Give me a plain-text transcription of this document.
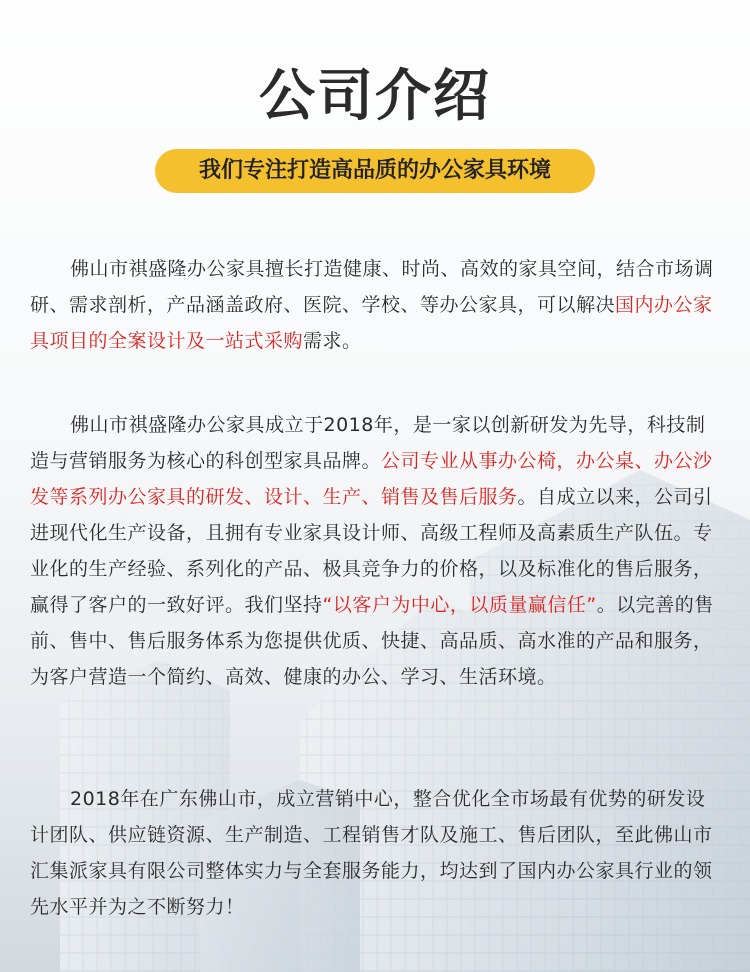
公司介绍
我们专注打造高品质的办公家具环境

佛山市祺盛隆办公家具擅长打造健康、时尚、高效的家具空间，结合市场调研、需求剖析，产品涵盖政府、医院、学校、等办公家具，可以解决国内办公家具项目的全案设计及一站式采购需求。

佛山市祺盛隆办公家具成立于2018年，是一家以创新研发为先导，科技制造与营销服务为核心的科创型家具品牌。公司专业从事办公椅，办公桌、办公沙发等系列办公家具的研发、设计、生产、销售及售后服务。自成立以来，公司引进现代化生产设备，且拥有专业家具设计师、高级工程师及高素质生产队伍。专业化的生产经验、系列化的产品、极具竞争力的价格，以及标准化的售后服务，赢得了客户的一致好评。我们坚持“以客户为中心，以质量赢信任”。以完善的售前、售中、售后服务体系为您提供优质、快捷、高品质、高水准的产品和服务，为客户营造一个简约、高效、健康的办公、学习、生活环境。

2018年在广东佛山市，成立营销中心，整合优化全市场最有优势的研发设计团队、供应链资源、生产制造、工程销售才队及施工、售后团队，至此佛山市汇集派家具有限公司整体实力与全套服务能力，均达到了国内办公家具行业的领先水平并为之不断努力！
